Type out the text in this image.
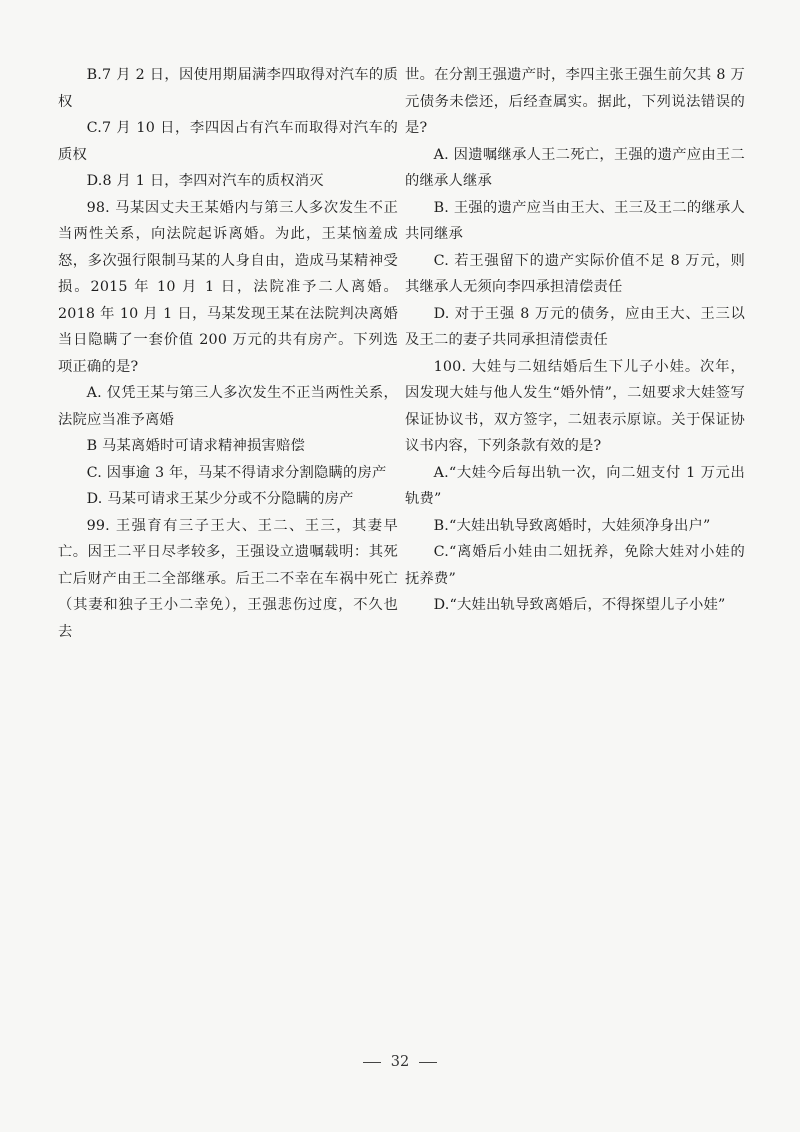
B.7 月 2 日，因使用期届满李四取得对汽车的质权

C.7 月 10 日，李四因占有汽车而取得对汽车的质权

D.8 月 1 日，李四对汽车的质权消灭

98. 马某因丈夫王某婚内与第三人多次发生不正当两性关系，向法院起诉离婚。为此，王某恼羞成怒，多次强行限制马某的人身自由，造成马某精神受损。2015 年 10 月 1 日，法院准予二人离婚。2018 年 10 月 1 日，马某发现王某在法院判决离婚当日隐瞒了一套价值 200 万元的共有房产。下列选项正确的是?

A. 仅凭王某与第三人多次发生不正当两性关系，法院应当准予离婚

B 马某离婚时可请求精神损害赔偿

C. 因事逾 3 年，马某不得请求分割隐瞒的房产

D. 马某可请求王某少分或不分隐瞒的房产

99. 王强育有三子王大、王二、王三，其妻早亡。因王二平日尽孝较多，王强设立遗嘱载明：其死亡后财产由王二全部继承。后王二不幸在车祸中死亡（其妻和独子王小二幸免），王强悲伤过度，不久也去

世。在分割王强遗产时，李四主张王强生前欠其 8 万元债务未偿还，后经查属实。据此，下列说法错误的是?

A. 因遗嘱继承人王二死亡，王强的遗产应由王二的继承人继承

B. 王强的遗产应当由王大、王三及王二的继承人共同继承

C. 若王强留下的遗产实际价值不足 8 万元，则其继承人无须向李四承担清偿责任

D. 对于王强 8 万元的债务，应由王大、王三以及王二的妻子共同承担清偿责任

100. 大娃与二妞结婚后生下儿子小娃。次年，因发现大娃与他人发生“婚外情”，二妞要求大娃签写保证协议书，双方签字，二妞表示原谅。关于保证协议书内容，下列条款有效的是?

A.“大娃今后每出轨一次，向二妞支付 1 万元出轨费”

B.“大娃出轨导致离婚时，大娃须净身出户”

C.“离婚后小娃由二妞抚养，免除大娃对小娃的抚养费”

D.“大娃出轨导致离婚后，不得探望儿子小娃”

32
